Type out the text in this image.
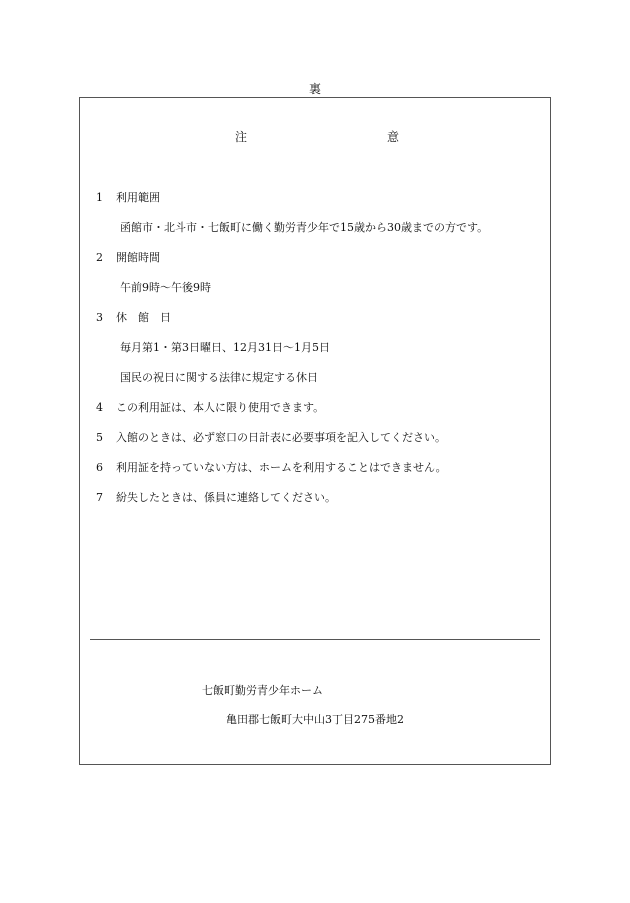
裏
注	意
1 利用範囲
函館市・北斗市・七飯町に働く勤労青少年で15歳から30歳までの方です。
2 開館時間
午前9時～午後9時
3 休　館　日
毎月第1・第3日曜日、12月31日～1月5日
国民の祝日に関する法律に規定する休日
4 この利用証は、本人に限り使用できます。
5 入館のときは、必ず窓口の日計表に必要事項を記入してください。
6 利用証を持っていない方は、ホームを利用することはできません。
7 紛失したときは、係員に連絡してください。
七飯町勤労青少年ホーム
亀田郡七飯町大中山3丁目275番地2
